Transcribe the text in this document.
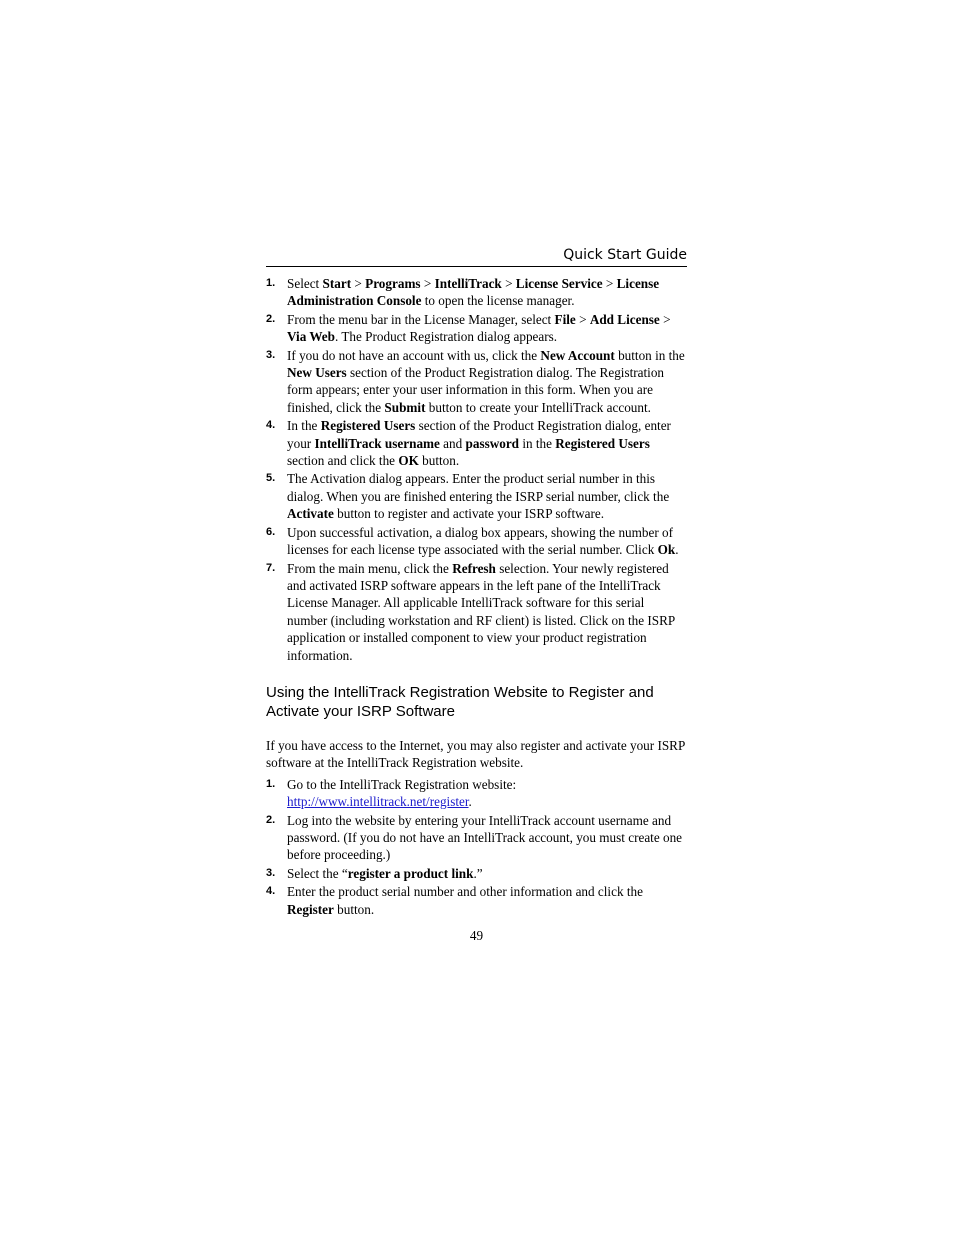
Quick Start Guide
1. Select Start > Programs > IntelliTrack > License Service > License Administration Console to open the license manager.
2. From the menu bar in the License Manager, select File > Add License > Via Web. The Product Registration dialog appears.
3. If you do not have an account with us, click the New Account button in the New Users section of the Product Registration dialog. The Registration form appears; enter your user information in this form. When you are finished, click the Submit button to create your IntelliTrack account.
4. In the Registered Users section of the Product Registration dialog, enter your IntelliTrack username and password in the Registered Users section and click the OK button.
5. The Activation dialog appears. Enter the product serial number in this dialog. When you are finished entering the ISRP serial number, click the Activate button to register and activate your ISRP software.
6. Upon successful activation, a dialog box appears, showing the number of licenses for each license type associated with the serial number. Click Ok.
7. From the main menu, click the Refresh selection. Your newly registered and activated ISRP software appears in the left pane of the IntelliTrack License Manager. All applicable IntelliTrack software for this serial number (including workstation and RF client) is listed. Click on the ISRP application or installed component to view your product registration information.
Using the IntelliTrack Registration Website to Register and Activate your ISRP Software

If you have access to the Internet, you may also register and activate your ISRP software at the IntelliTrack Registration website.

1. Go to the IntelliTrack Registration website: http://www.intellitrack.net/register.
2. Log into the website by entering your IntelliTrack account username and password. (If you do not have an IntelliTrack account, you must create one before proceeding.)
3. Select the “register a product link.”
4. Enter the product serial number and other information and click the Register button.
49
